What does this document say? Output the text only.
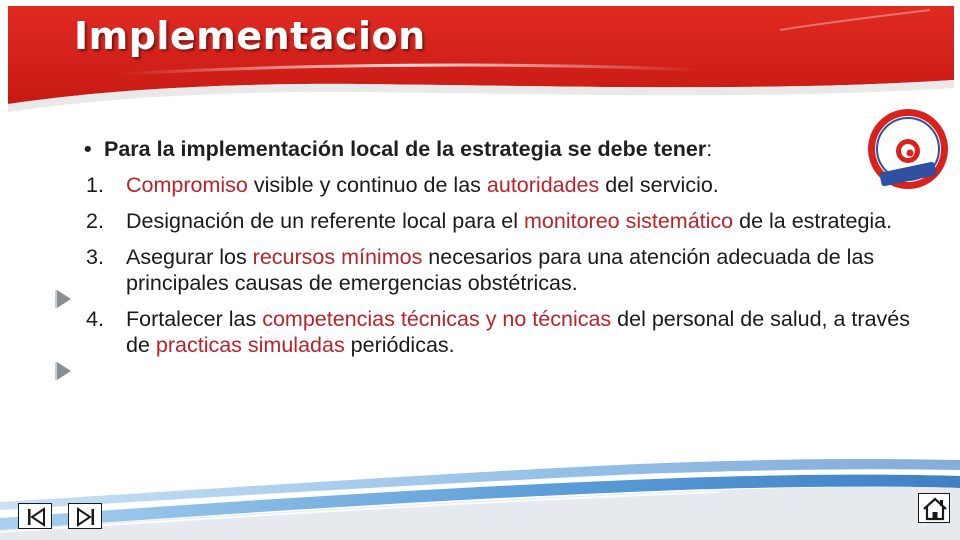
Implementacion
• Para la implementación local de la estrategia se debe tener:
1. Compromiso visible y continuo de las autoridades del servicio.
2. Designación de un referente local para el monitoreo sistemático de la estrategia.
3. Asegurar los recursos mínimos necesarios para una atención adecuada de las principales causas de emergencias obstétricas.
4. Fortalecer las competencias técnicas y no técnicas del personal de salud, a través de practicas simuladas periódicas.
